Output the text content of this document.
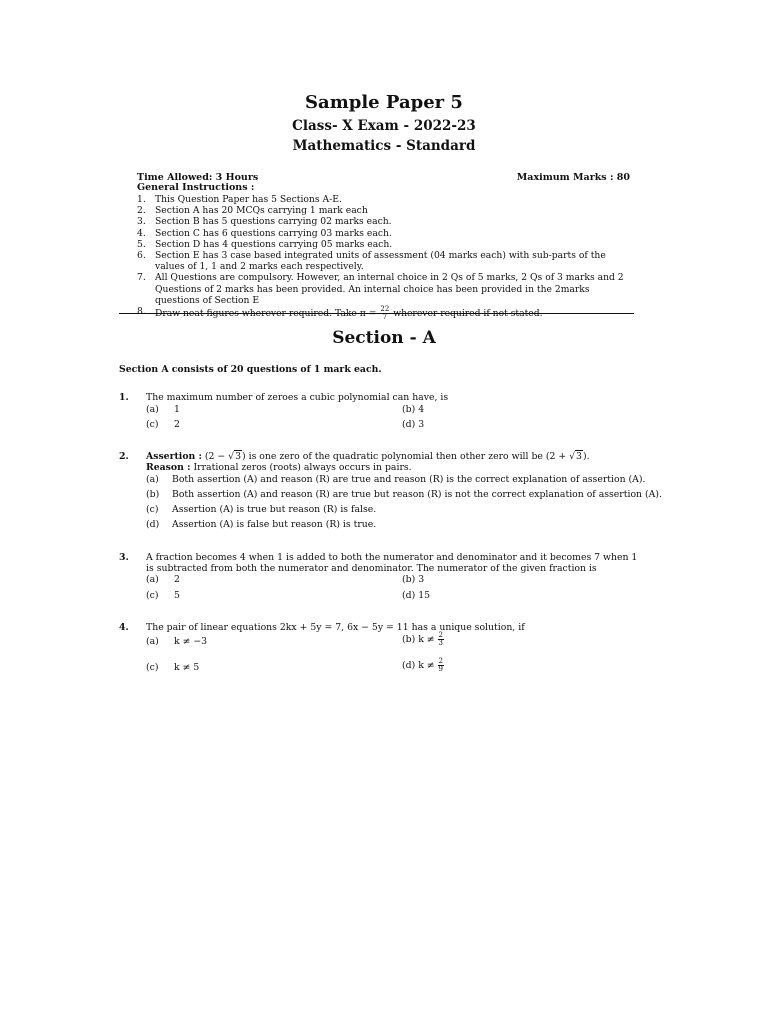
Sample Paper 5
Class- X Exam - 2022-23
Mathematics - Standard
Time Allowed: 3 Hours	Maximum Marks : 80
General Instructions :
1.	This Question Paper has 5 Sections A-E.
2.	Section A has 20 MCQs carrying 1 mark each
3.	Section B has 5 questions carrying 02 marks each.
4.	Section C has 6 questions carrying 03 marks each.
5.	Section D has 4 questions carrying 05 marks each.
6.	Section E has 3 case based integrated units of assessment (04 marks each) with sub-parts of the values of 1, 1 and 2 marks each respectively.
7.	All Questions are compulsory. However, an internal choice in 2 Qs of 5 marks, 2 Qs of 3 marks and 2 Questions of 2 marks has been provided. An internal choice has been provided in the 2marks questions of Section E
8.	Draw neat figures wherever required. Take $\pi = \frac{22}{7}$ wherever required if not stated.
Section - A
Section A consists of 20 questions of 1 mark each.
1. The maximum number of zeroes a cubic polynomial can have, is
(a) 1	(b) 4
(c) 2	(d) 3
2. Assertion : (2 − √3) is one zero of the quadratic polynomial then other zero will be (2 + √3).
Reason : Irrational zeros (roots) always occurs in pairs.
(a) Both assertion (A) and reason (R) are true and reason (R) is the correct explanation of assertion (A).
(b) Both assertion (A) and reason (R) are true but reason (R) is not the correct explanation of assertion (A).
(c) Assertion (A) is true but reason (R) is false.
(d) Assertion (A) is false but reason (R) is true.
3. A fraction becomes 4 when 1 is added to both the numerator and denominator and it becomes 7 when 1 is subtracted from both the numerator and denominator. The numerator of the given fraction is
(a) 2	(b) 3
(c) 5	(d) 15
4. The pair of linear equations 2kx + 5y = 7, 6x − 5y = 11 has a unique solution, if
(a) k ≠ −3	(b) $k \ne \frac{2}{3}$
(c) k ≠ 5	(d) $k \ne \frac{2}{9}$
